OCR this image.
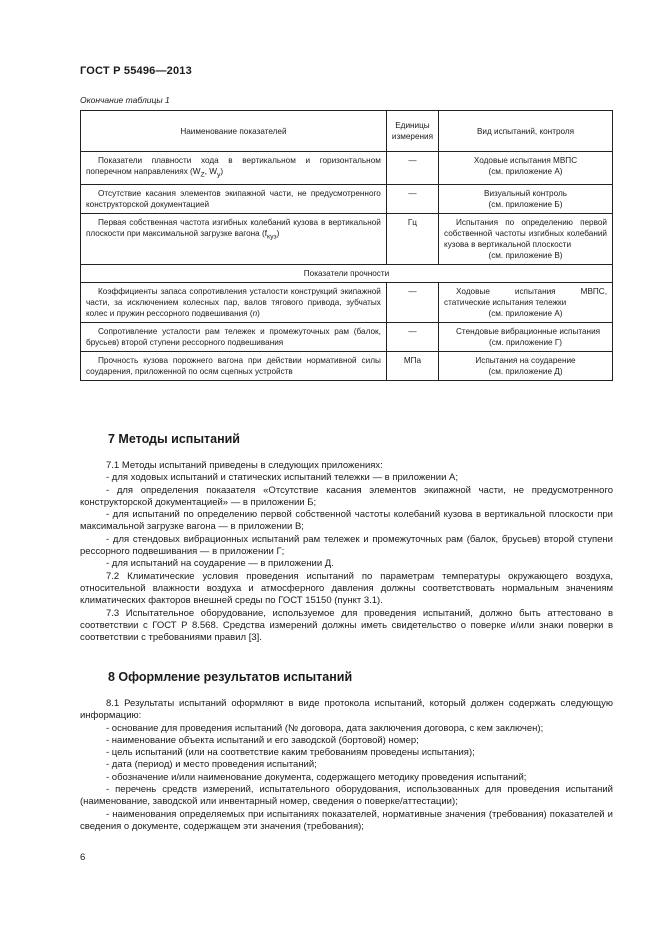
ГОСТ Р 55496—2013
Окончание таблицы 1
Наименование показателей	Единицы измерения	Вид испытаний, контроля
Показатели плавности хода в вертикальном и горизонтальном поперечном направлениях ($W_Z$, $W_y$)	—	Ходовые испытания МВПС
(см. приложение А)

Отсутствие касания элементов экипажной части, не предусмотренного конструкторской документацией	—	Визуальный контроль
(см. приложение Б)

Первая собственная частота изгибных колебаний кузова в вертикальной плоскости при максимальной загрузке вагона $(f_{куз})$	Гц	Испытания по определению первой собственной частоты изгибных колебаний кузова в вертикальной плоскости
(см. приложение В)

Показатели прочности		
Коэффициенты запаса сопротивления усталости конструкций экипажной части, за исключением колесных пар, валов тягового привода, зубчатых колес и пружин рессорного подвешивания (n)	—	Ходовые испытания МВПС, статические испытания тележки
(см. приложение А)

Сопротивление усталости рам тележек и промежуточных рам (балок, брусьев) второй ступени рессорного подвешивания	—	Стендовые вибрационные испытания
(см. приложение Г)

Прочность кузова порожнего вагона при действии нормативной силы соударения, приложенной по осям сцепных устройств	МПа	Испытания на соударение
(см. приложение Д)
7 Методы испытаний

7.1 Методы испытаний приведены в следующих приложениях:

- для ходовых испытаний и статических испытаний тележки — в приложении А;

- для определения показателя «Отсутствие касания элементов экипажной части, не предусмотренного конструкторской документацией» — в приложении Б;

- для испытаний по определению первой собственной частоты колебаний кузова в вертикальной плоскости при максимальной загрузке вагона — в приложении В;

- для стендовых вибрационных испытаний рам тележек и промежуточных рам (балок, брусьев) второй ступени рессорного подвешивания — в приложении Г;

- для испытаний на соударение — в приложении Д.

7.2 Климатические условия проведения испытаний по параметрам температуры окружающего воздуха, относительной влажности воздуха и атмосферного давления должны соответствовать нормальным значениям климатических факторов внешней среды по ГОСТ 15150 (пункт 3.1).

7.3 Испытательное оборудование, используемое для проведения испытаний, должно быть аттестовано в соответствии с ГОСТ Р 8.568. Средства измерений должны иметь свидетельство о поверке и/или знаки поверки в соответствии с требованиями правил [3].

8 Оформление результатов испытаний

8.1 Результаты испытаний оформляют в виде протокола испытаний, который должен содержать следующую информацию:

- основание для проведения испытаний (№ договора, дата заключения договора, с кем заключен);

- наименование объекта испытаний и его заводской (бортовой) номер;

- цель испытаний (или на соответствие каким требованиям проведены испытания);

- дата (период) и место проведения испытаний;

- обозначение и/или наименование документа, содержащего методику проведения испытаний;

- перечень средств измерений, испытательного оборудования, использованных для проведения испытаний (наименование, заводской или инвентарный номер, сведения о поверке/аттестации);

- наименования определяемых при испытаниях показателей, нормативные значения (требования) показателей и сведения о документе, содержащем эти значения (требования);

6
